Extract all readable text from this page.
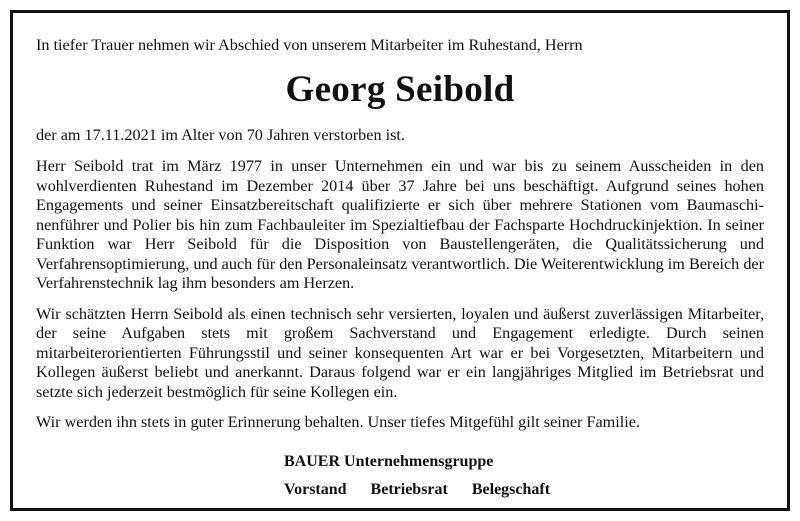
In tiefer Trauer nehmen wir Abschied von unserem Mitarbeiter im Ruhestand, Herrn

Georg Seibold

der am 17.11.2021 im Alter von 70 Jahren verstorben ist.

Herr Seibold trat im März 1977 in unser Unternehmen ein und war bis zu seinem Ausscheiden in den wohlverdienten Ruhestand im Dezember 2014 über 37 Jahre bei uns beschäftigt. Aufgrund seines hohen Engagements und seiner Einsatzbereitschaft qualifizierte er sich über mehrere Stationen vom Baumaschinenführer und Polier bis hin zum Fachbauleiter im Spezialtiefbau der Fachsparte Hochdruckinjektion. In seiner Funktion war Herr Seibold für die Disposition von Baustellengeräten, die Qualitätssicherung und Verfahrensoptimierung, und auch für den Personaleinsatz verantwortlich. Die Weiterentwicklung im Bereich der Verfahrenstechnik lag ihm besonders am Herzen.

Wir schätzten Herrn Seibold als einen technisch sehr versierten, loyalen und äußerst zuverlässigen Mitarbeiter, der seine Aufgaben stets mit großem Sachverstand und Engagement erledigte. Durch seinen mitarbeiterorientierten Führungsstil und seiner konsequenten Art war er bei Vorgesetzten, Mitarbeitern und Kollegen äußerst beliebt und anerkannt. Daraus folgend war er ein langjähriges Mitglied im Betriebsrat und setzte sich jederzeit bestmöglich für seine Kollegen ein.

Wir werden ihn stets in guter Erinnerung behalten. Unser tiefes Mitgefühl gilt seiner Familie.

BAUER Unternehmensgruppe
Vorstand Betriebsrat Belegschaft
